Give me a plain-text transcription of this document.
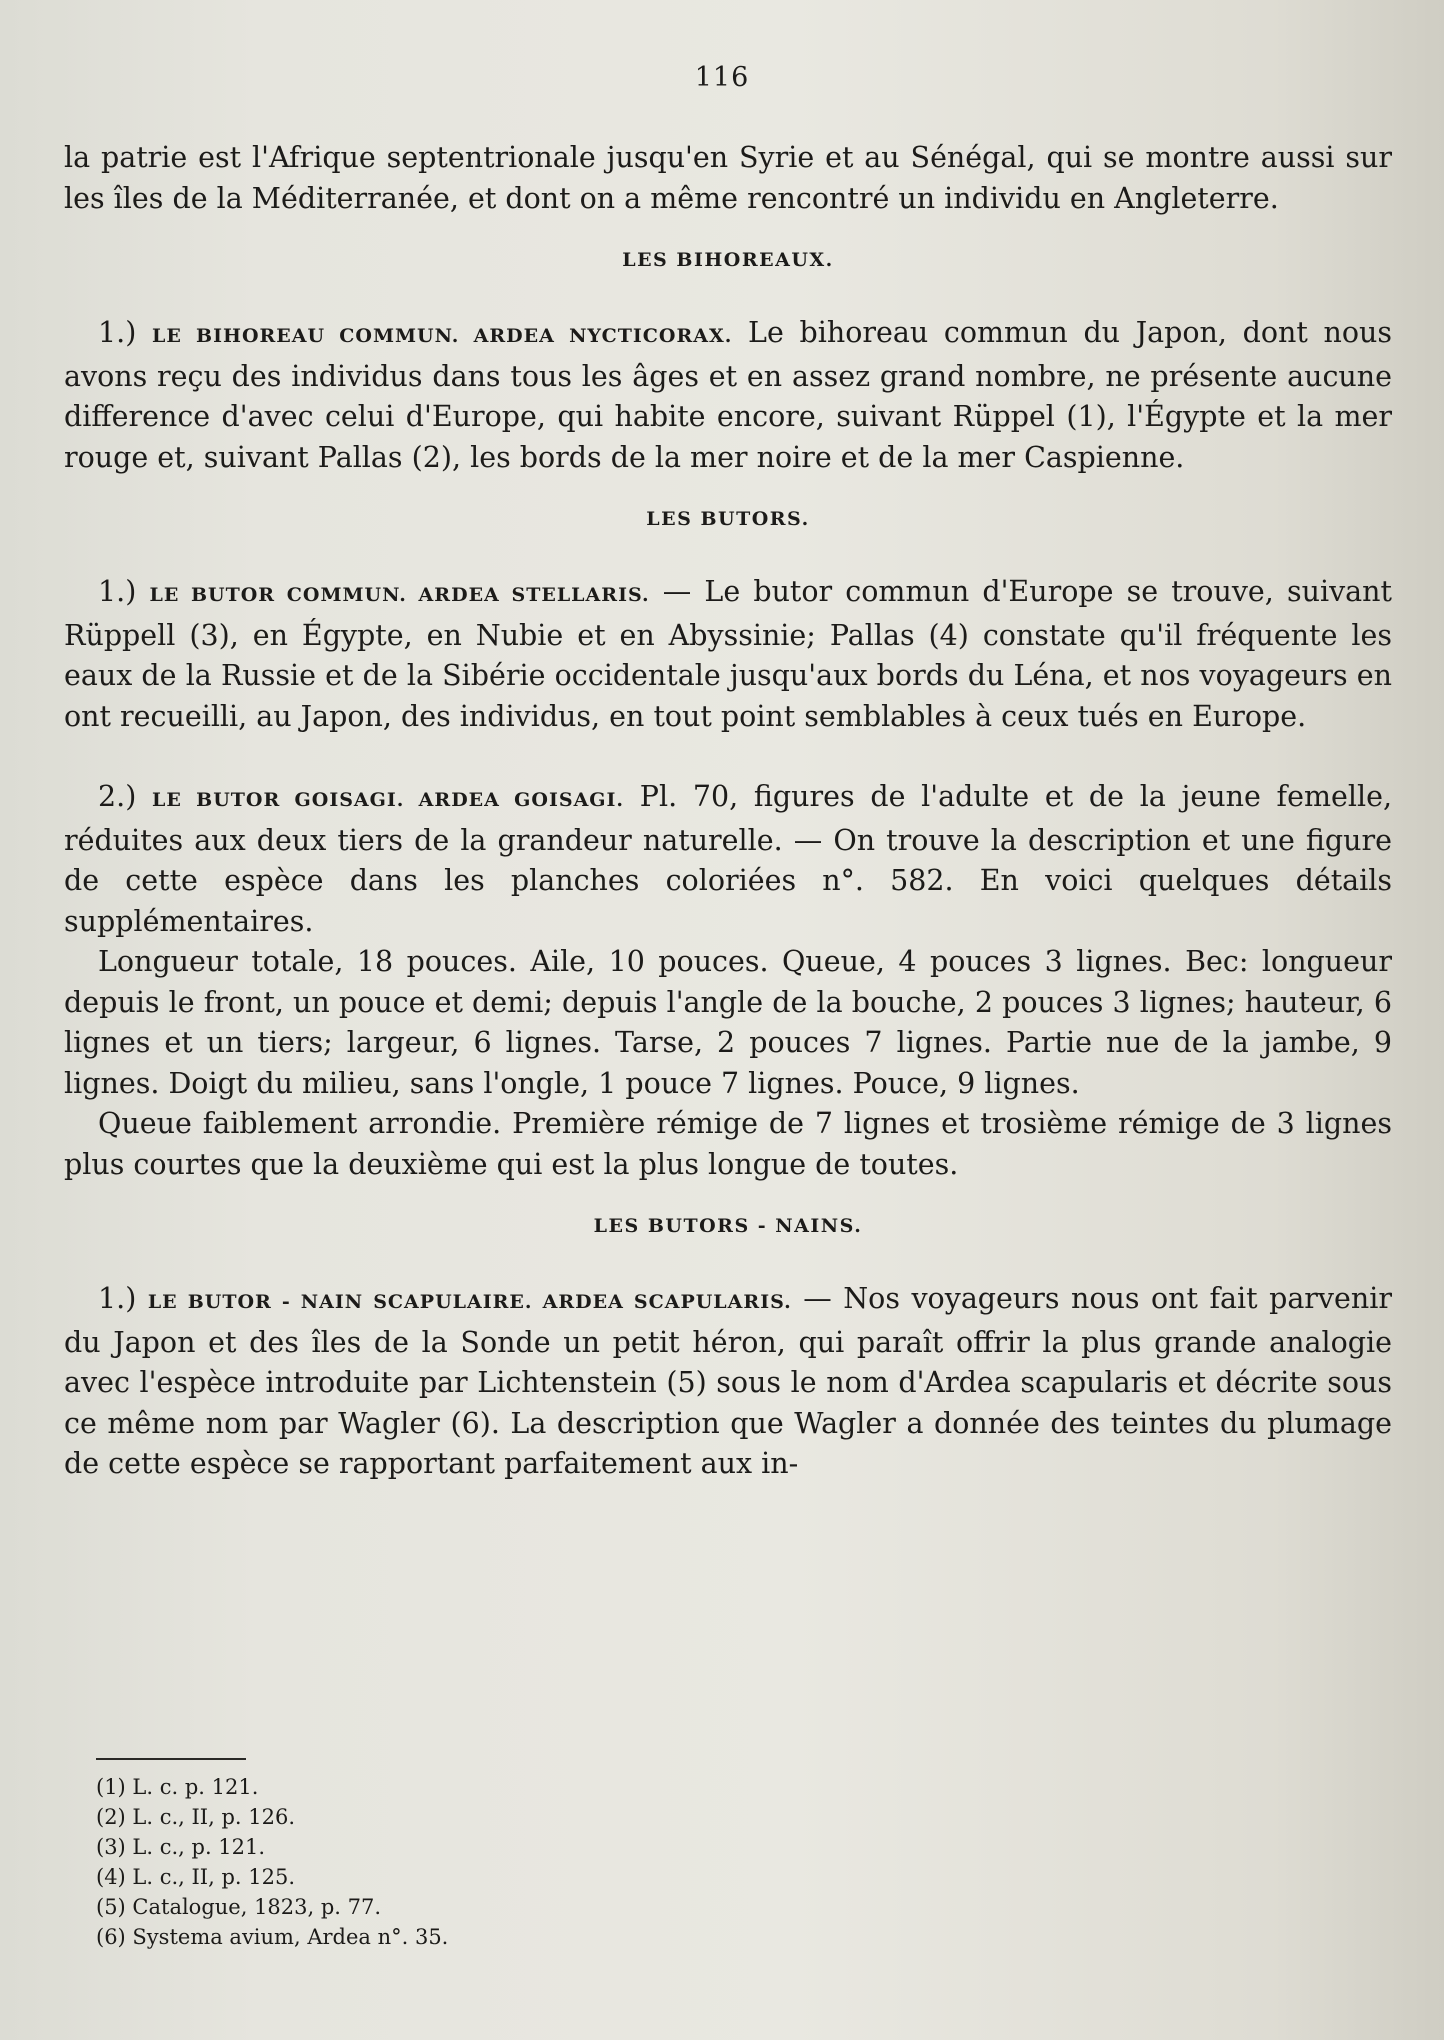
116

la patrie est l'Afrique septentrionale jusqu'en Syrie et au Sénégal, qui se montre aussi sur les îles de la Méditerranée, et dont on a même rencontré un individu en Angleterre.

LES BIHOREAUX.

1.) LE BIHOREAU COMMUN. ARDEA NYCTICORAX. Le bihoreau commun du Japon, dont nous avons reçu des individus dans tous les âges et en assez grand nombre, ne présente aucune difference d'avec celui d'Europe, qui habite encore, suivant Rüppel (1), l'Égypte et la mer rouge et, suivant Pallas (2), les bords de la mer noire et de la mer Caspienne.

LES BUTORS.

1.) LE BUTOR COMMUN. ARDEA STELLARIS. — Le butor commun d'Europe se trouve, suivant Rüppell (3), en Égypte, en Nubie et en Abyssinie; Pallas (4) constate qu'il fréquente les eaux de la Russie et de la Sibérie occidentale jusqu'aux bords du Léna, et nos voyageurs en ont recueilli, au Japon, des individus, en tout point semblables à ceux tués en Europe.

2.) LE BUTOR GOISAGI. ARDEA GOISAGI. Pl. 70, figures de l'adulte et de la jeune femelle, réduites aux deux tiers de la grandeur naturelle. — On trouve la description et une figure de cette espèce dans les planches coloriées n°. 582. En voici quelques détails supplémentaires.

Longueur totale, 18 pouces. Aile, 10 pouces. Queue, 4 pouces 3 lignes. Bec: longueur depuis le front, un pouce et demi; depuis l'angle de la bouche, 2 pouces 3 lignes; hauteur, 6 lignes et un tiers; largeur, 6 lignes. Tarse, 2 pouces 7 lignes. Partie nue de la jambe, 9 lignes. Doigt du milieu, sans l'ongle, 1 pouce 7 lignes. Pouce, 9 lignes.

Queue faiblement arrondie. Première rémige de 7 lignes et trosième rémige de 3 lignes plus courtes que la deuxième qui est la plus longue de toutes.

LES BUTORS - NAINS.

1.) LE BUTOR - NAIN SCAPULAIRE. ARDEA SCAPULARIS. — Nos voyageurs nous ont fait parvenir du Japon et des îles de la Sonde un petit héron, qui paraît offrir la plus grande analogie avec l'espèce introduite par Lichtenstein (5) sous le nom d'Ardea scapularis et décrite sous ce même nom par Wagler (6). La description que Wagler a donnée des teintes du plumage de cette espèce se rapportant parfaitement aux in-

(1) L. c. p. 121.

(2) L. c., II, p. 126.

(3) L. c., p. 121.

(4) L. c., II, p. 125.

(5) Catalogue, 1823, p. 77.

(6) Systema avium, Ardea n°. 35.
